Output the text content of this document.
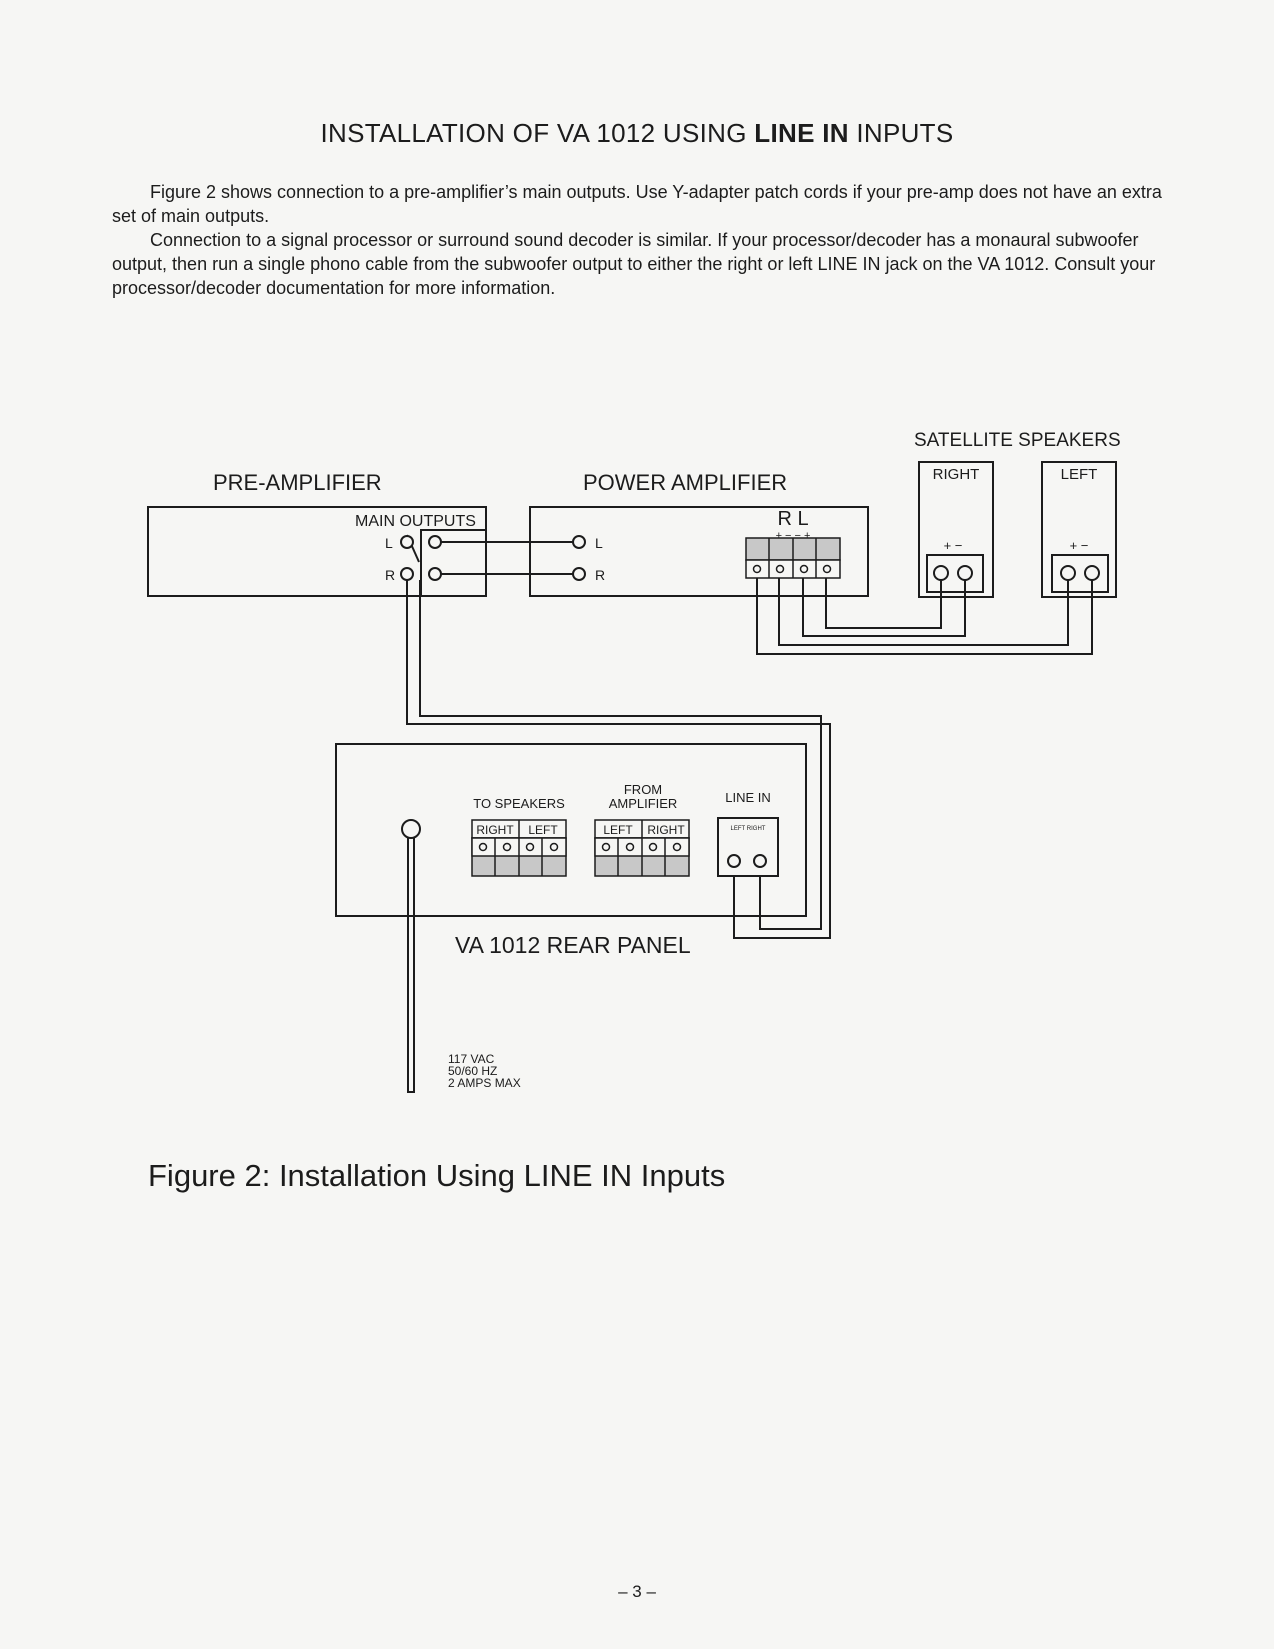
INSTALLATION OF VA 1012 USING LINE IN INPUTS

Figure 2 shows connection to a pre-amplifier’s main outputs. Use Y-adapter patch cords if your pre-amp does not have an extra set of main outputs.

Connection to a signal processor or surround sound decoder is similar. If your processor/decoder has a monaural subwoofer output, then run a single phono cable from the subwoofer output to either the right or left LINE IN jack on the VA 1012. Consult your processor/decoder documentation for more information.

SATELLITE SPEAKERS
RIGHT	LEFT
+ −	+ −
PRE-AMPLIFIER
MAIN OUTPUTS
L
R
POWER AMPLIFIER
L
R
R L
+ − − +
TO SPEAKERS
RIGHT LEFT
FROM
AMPLIFIER
LEFT RIGHT
LINE IN
LEFT RIGHT
VA 1012 REAR PANEL
117 VAC
50/60 HZ
2 AMPS MAX
Figure 2: Installation Using LINE IN Inputs
– 3 –
